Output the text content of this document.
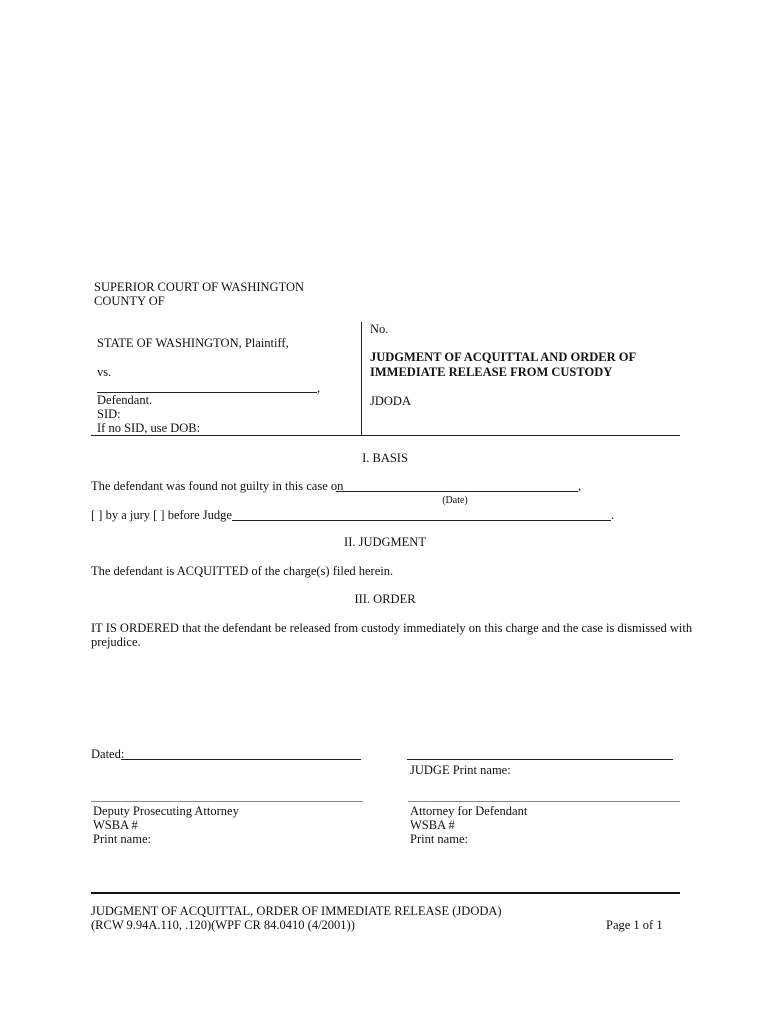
SUPERIOR COURT OF WASHINGTON
COUNTY OF
STATE OF WASHINGTON, Plaintiff,
vs.
,
Defendant.
SID:
If no SID, use DOB:
No.
JUDGMENT OF ACQUITTAL AND ORDER OF
IMMEDIATE RELEASE FROM CUSTODY
JDODA
I. BASIS
The defendant was found not guilty in this case on	,
(Date)
[ ] by a jury [ ] before Judge	.
II. JUDGMENT
The defendant is ACQUITTED of the charge(s) filed herein.
III. ORDER
IT IS ORDERED that the defendant be released from custody immediately on this charge and the case is dismissed with
prejudice.
Dated:
JUDGE Print name:
Deputy Prosecuting Attorney
WSBA #
Print name:
Attorney for Defendant
WSBA #
Print name:
JUDGMENT OF ACQUITTAL, ORDER OF IMMEDIATE RELEASE (JDODA)
(RCW 9.94A.110, .120)(WPF CR 84.0410 (4/2001))	Page 1 of 1
